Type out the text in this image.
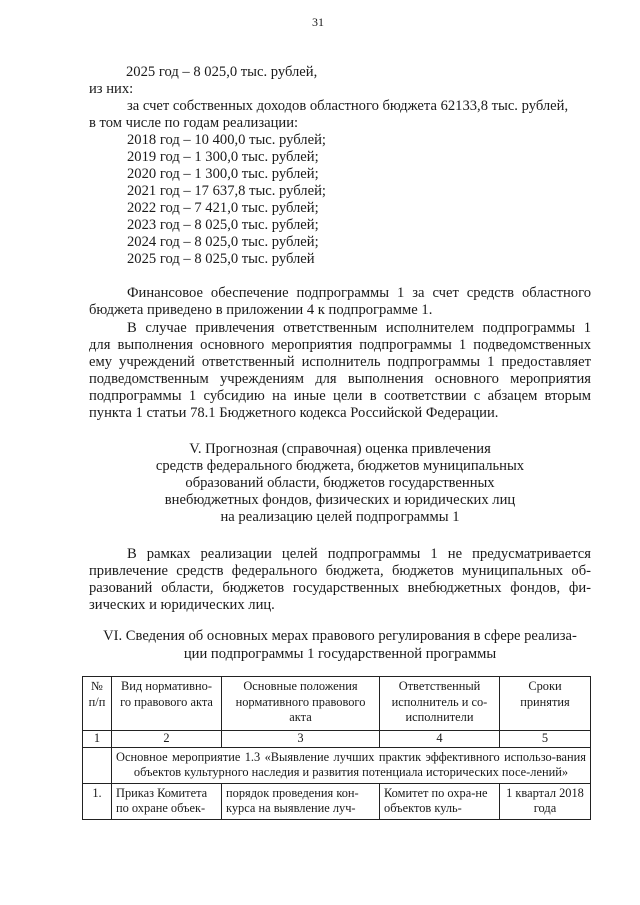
31
2025 год – 8 025,0 тыс. рублей,
из них:
за счет собственных доходов областного бюджета 62133,8 тыс. рублей,
в том числе по годам реализации:
2018 год – 10 400,0 тыс. рублей;
2019 год – 1 300,0 тыс. рублей;
2020 год – 1 300,0 тыс. рублей;
2021 год – 17 637,8 тыс. рублей;
2022 год – 7 421,0 тыс. рублей;
2023 год – 8 025,0 тыс. рублей;
2024 год – 8 025,0 тыс. рублей;
2025 год – 8 025,0 тыс. рублей
Финансовое обеспечение подпрограммы 1 за счет средств областного
бюджета приведено в приложении 4 к подпрограмме 1.
В случае привлечения ответственным исполнителем подпрограммы 1
для выполнения основного мероприятия подпрограммы 1 подведомственных
ему учреждений ответственный исполнитель подпрограммы 1 предоставляет
подведомственным учреждениям для выполнения основного мероприятия
подпрограммы 1 субсидию на иные цели в соответствии с абзацем вторым
пункта 1 статьи 78.1 Бюджетного кодекса Российской Федерации.
V. Прогнозная (справочная) оценка привлечения
средств федерального бюджета, бюджетов муниципальных
образований области, бюджетов государственных
внебюджетных фондов, физических и юридических лиц
на реализацию целей подпрограммы 1
В рамках реализации целей подпрограммы 1 не предусматривается
привлечение средств федерального бюджета, бюджетов муниципальных об-
разований области, бюджетов государственных внебюджетных фондов, фи-
зических и юридических лиц.
VI. Сведения об основных мерах правового регулирования в сфере реализа-
ции подпрограммы 1 государственной программы
№ п/п	Вид нормативно-го правового акта	Основные положения нормативного правового акта	Ответственный исполнитель и со-исполнители	Сроки принятия
1	2	3	4	5
	Основное мероприятие 1.3 «Выявление лучших практик эффективного использо-вания объектов культурного наследия и развития потенциала исторических посе-лений»			
1.	Приказ Комитета по охране объек-	порядок проведения кон-курса на выявление луч-	Комитет по охра-не объектов куль-	1 квартал 2018 года
